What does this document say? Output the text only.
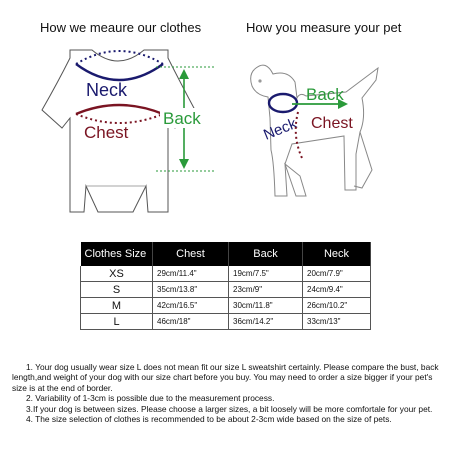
How we meaure our clothes	How you measure your pet
Neck
Chest
Back	Neck
Back
Chest
Clothes Size	Chest	Back	Neck
XS	29cm/11.4"	19cm/7.5"	20cm/7.9"
S	35cm/13.8"	23cm/9"	24cm/9.4"
M	42cm/16.5"	30cm/11.8"	26cm/10.2"
L	46cm/18"	36cm/14.2"	33cm/13"

1. Your dog usually wear size L does not mean fit our size L sweatshirt certainly. Please compare the bust, back length,and weight of your dog with our size chart before you buy. You may need to order a size bigger if your pet's size is at the end of border.

2. Variability of 1-3cm is possible due to the measurement process.

3.If your dog is between sizes. Please choose a larger sizes, a bit loosely will be more comfortale for your pet.

4. The size selection of clothes is recommended to be about 2-3cm wide based on the size of pets.
